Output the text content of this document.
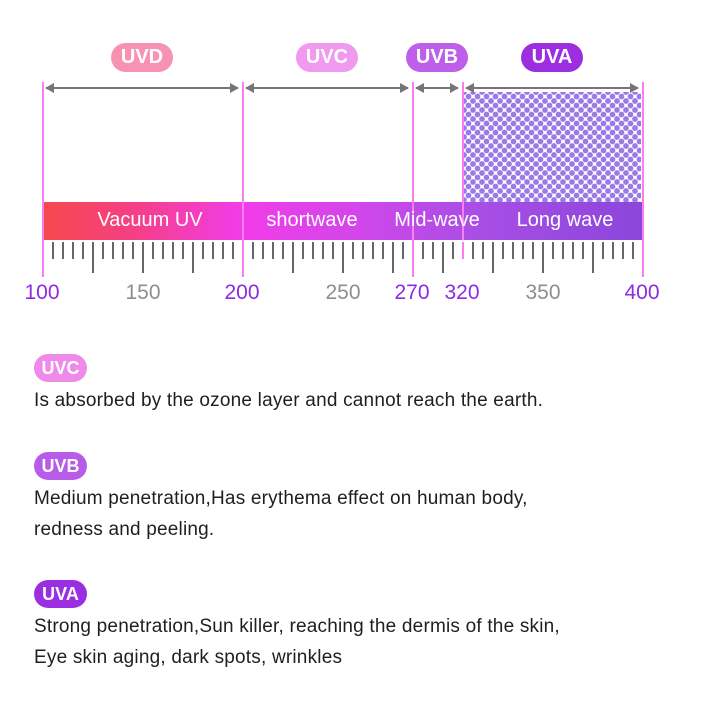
UVD	UVC	UVB	UVA
Vacuum UV	shortwave Mid-wave Long wave
100	150	200	250 270 320 350	400
UVC
Is absorbed by the ozone layer and cannot reach the earth.
UVB
Medium penetration,Has erythema effect on human body,
redness and peeling.
UVA
Strong penetration,Sun killer, reaching the dermis of the skin,
Eye skin aging, dark spots, wrinkles
